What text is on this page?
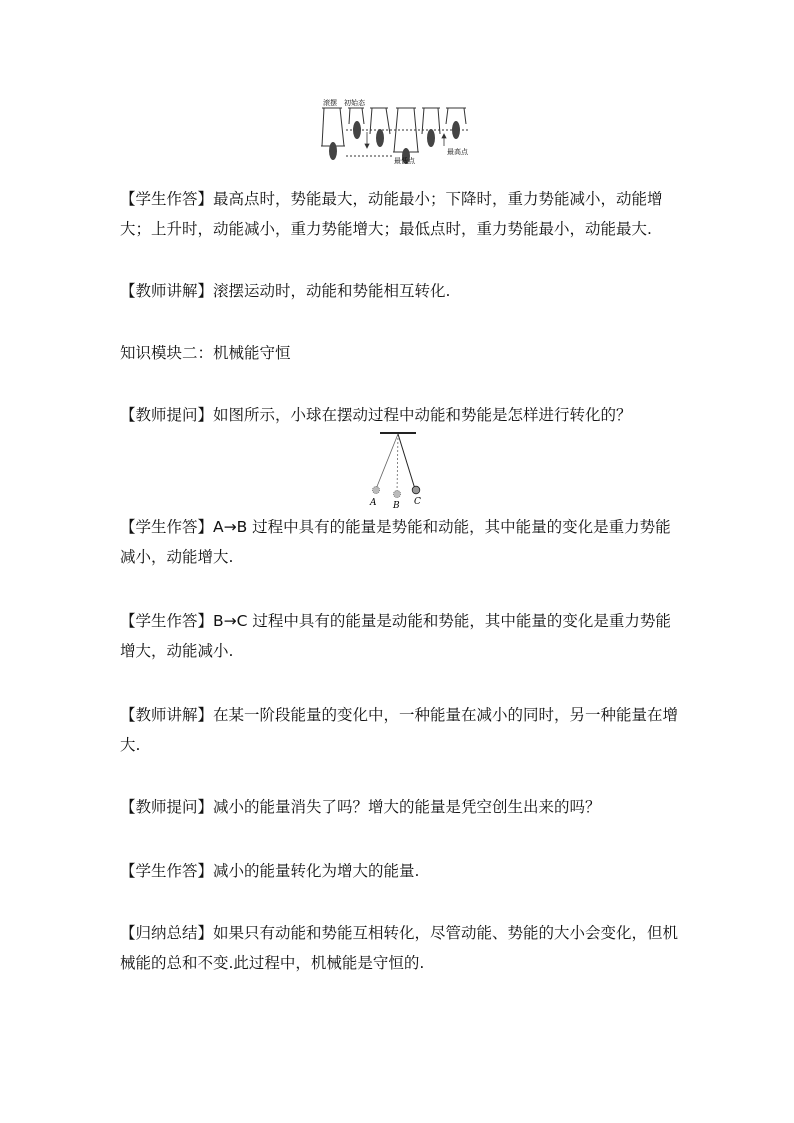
滚摆 初始态
最高点
最低点
【学生作答】最高点时，势能最大，动能最小；下降时，重力势能减小，动能增大；上升时，动能减小，重力势能增大；最低点时，重力势能最小，动能最大.
【教师讲解】滚摆运动时，动能和势能相互转化.
知识模块二：机械能守恒
【教师提问】如图所示，小球在摆动过程中动能和势能是怎样进行转化的？
A B C
【学生作答】A→B 过程中具有的能量是势能和动能，其中能量的变化是重力势能减小，动能增大.
【学生作答】B→C 过程中具有的能量是动能和势能，其中能量的变化是重力势能增大，动能减小.
【教师讲解】在某一阶段能量的变化中，一种能量在减小的同时，另一种能量在增大.
【教师提问】减小的能量消失了吗？增大的能量是凭空创生出来的吗？
【学生作答】减小的能量转化为增大的能量.
【归纳总结】如果只有动能和势能互相转化，尽管动能、势能的大小会变化，但机械能的总和不变.此过程中，机械能是守恒的.
